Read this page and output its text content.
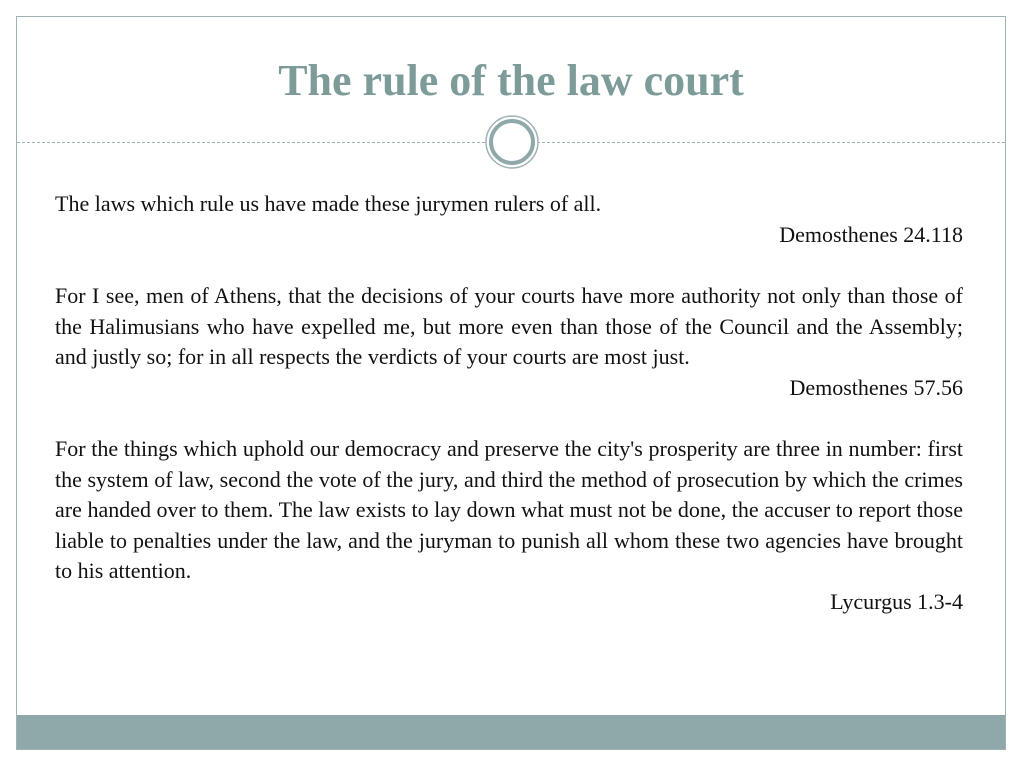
The rule of the law court

The laws which rule us have made these jurymen rulers of all.

Demosthenes 24.118

For I see, men of Athens, that the decisions of your courts have more authority not only than those of the Halimusians who have expelled me, but more even than those of the Council and the Assembly; and justly so; for in all respects the verdicts of your courts are most just.

Demosthenes 57.56

For the things which uphold our democracy and preserve the city's prosperity are three in number: first the system of law, second the vote of the jury, and third the method of prosecution by which the crimes are handed over to them. The law exists to lay down what must not be done, the accuser to report those liable to penalties under the law, and the juryman to punish all whom these two agencies have brought to his attention.

Lycurgus 1.3-4
